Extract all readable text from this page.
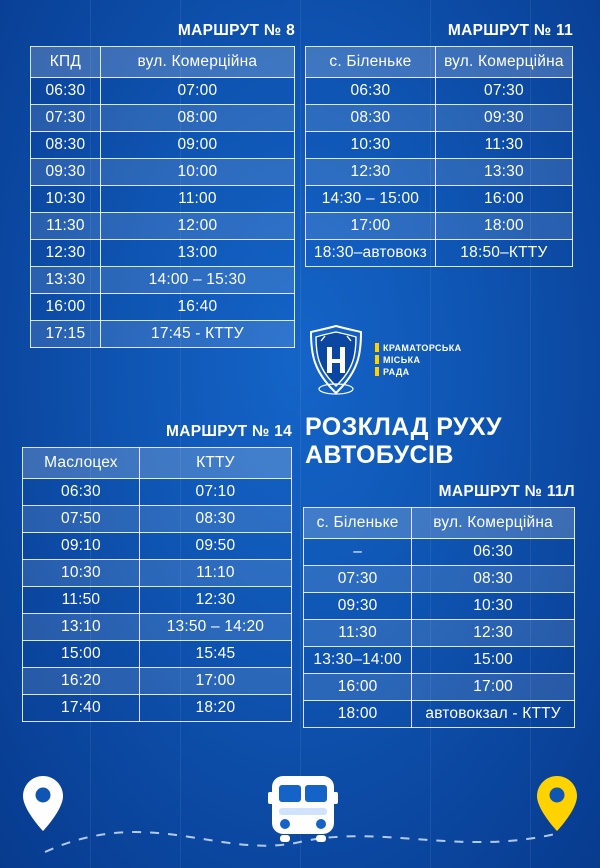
МАРШРУТ № 8
КПД	вул. Комерційна
06:30	07:00
07:30	08:00
08:30	09:00
09:30	10:00
10:30	11:00
11:30	12:00
12:30	13:00
13:30	14:00 – 15:30
16:00	16:40
17:15	17:45 - КТТУ
МАРШРУТ № 11
с. Біленьке	вул. Комерційна
06:30	07:30
08:30	09:30
10:30	11:30
12:30	13:30
14:30 – 15:00	16:00
17:00	18:00
18:30–автовокз	18:50–КТТУ
КРАМАТОРСЬКА
МІСЬКА
РАДА
РОЗКЛАД РУХУ
АВТОБУСІВ
МАРШРУТ № 14
Маслоцех	КТТУ
06:30	07:10
07:50	08:30
09:10	09:50
10:30	11:10
11:50	12:30
13:10	13:50 – 14:20
15:00	15:45
16:20	17:00
17:40	18:20
МАРШРУТ № 11Л
с. Біленьке	вул. Комерційна
–	06:30
07:30	08:30
09:30	10:30
11:30	12:30
13:30–14:00	15:00
16:00	17:00
18:00	автовокзал - КТТУ
